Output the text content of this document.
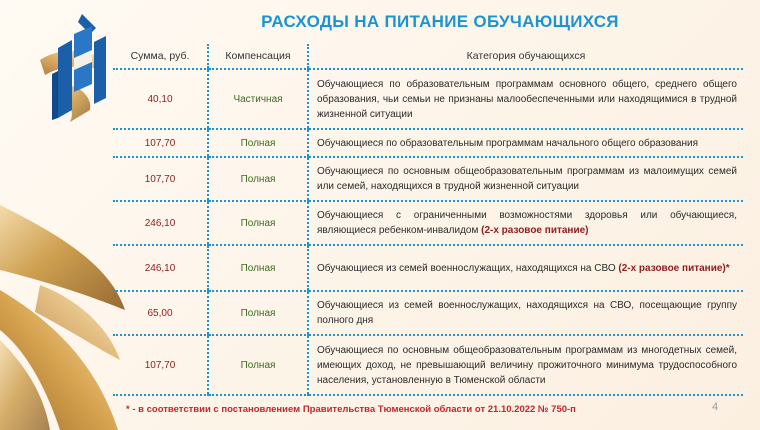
РАСХОДЫ НА ПИТАНИЕ ОБУЧАЮЩИХСЯ
Сумма, руб.	Компенсация	Категория обучающихся
40,10	Частичная	Обучающиеся по образовательным программам основного общего, среднего общего образования, чьи семьи не признаны малообеспеченными или находящимися в трудной жизненной ситуации
107,70	Полная	Обучающиеся по образовательным программам начального общего образования
107,70	Полная	Обучающиеся по основным общеобразовательным программам из малоимущих семей или семей, находящихся в трудной жизненной ситуации
246,10	Полная	Обучающиеся с ограниченными возможностями здоровья или обучающиеся, являющиеся ребенком-инвалидом (2-х разовое питание)
246,10	Полная	Обучающиеся из семей военнослужащих, находящихся на СВО (2-х разовое питание)*
65,00	Полная	Обучающиеся из семей военнослужащих, находящихся на СВО, посещающие группу полного дня
107,70	Полная	Обучающиеся по основным общеобразовательным программам из многодетных семей, имеющих доход, не превышающий величину прожиточного минимума трудоспособного населения, установленную в Тюменской области
* - в соответствии с постановлением Правительства Тюменской области от 21.10.2022 № 750-п	4
